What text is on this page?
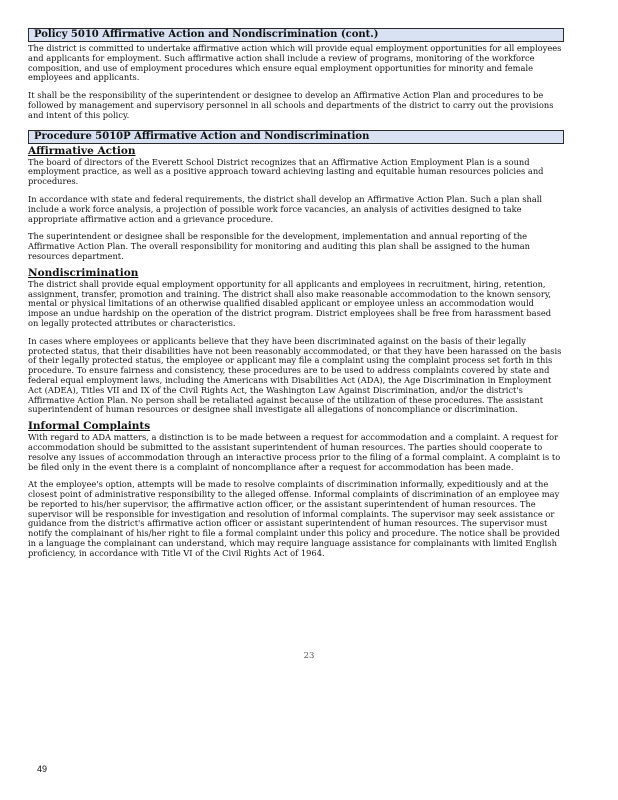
Policy 5010 Affirmative Action and Nondiscrimination (cont.)

The district is committed to undertake affirmative action which will provide equal employment opportunities for all employees and applicants for employment. Such affirmative action shall include a review of programs, monitoring of the workforce composition, and use of employment procedures which ensure equal employment opportunities for minority and female employees and applicants.

It shall be the responsibility of the superintendent or designee to develop an Affirmative Action Plan and procedures to be followed by management and supervisory personnel in all schools and departments of the district to carry out the provisions and intent of this policy.

Procedure 5010P Affirmative Action and Nondiscrimination

Affirmative Action

The board of directors of the Everett School District recognizes that an Affirmative Action Employment Plan is a sound employment practice, as well as a positive approach toward achieving lasting and equitable human resources policies and procedures.

In accordance with state and federal requirements, the district shall develop an Affirmative Action Plan. Such a plan shall include a work force analysis, a projection of possible work force vacancies, an analysis of activities designed to take appropriate affirmative action and a grievance procedure.

The superintendent or designee shall be responsible for the development, implementation and annual reporting of the Affirmative Action Plan. The overall responsibility for monitoring and auditing this plan shall be assigned to the human resources department.

Nondiscrimination

The district shall provide equal employment opportunity for all applicants and employees in recruitment, hiring, retention, assignment, transfer, promotion and training. The district shall also make reasonable accommodation to the known sensory, mental or physical limitations of an otherwise qualified disabled applicant or employee unless an accommodation would impose an undue hardship on the operation of the district program. District employees shall be free from harassment based on legally protected attributes or characteristics.

In cases where employees or applicants believe that they have been discriminated against on the basis of their legally protected status, that their disabilities have not been reasonably accommodated, or that they have been harassed on the basis of their legally protected status, the employee or applicant may file a complaint using the complaint process set forth in this procedure. To ensure fairness and consistency, these procedures are to be used to address complaints covered by state and federal equal employment laws, including the Americans with Disabilities Act (ADA), the Age Discrimination in Employment Act (ADEA), Titles VII and IX of the Civil Rights Act, the Washington Law Against Discrimination, and/or the district's Affirmative Action Plan. No person shall be retaliated against because of the utilization of these procedures. The assistant superintendent of human resources or designee shall investigate all allegations of noncompliance or discrimination.

Informal Complaints

With regard to ADA matters, a distinction is to be made between a request for accommodation and a complaint. A request for accommodation should be submitted to the assistant superintendent of human resources. The parties should cooperate to resolve any issues of accommodation through an interactive process prior to the filing of a formal complaint. A complaint is to be filed only in the event there is a complaint of noncompliance after a request for accommodation has been made.

At the employee's option, attempts will be made to resolve complaints of discrimination informally, expeditiously and at the closest point of administrative responsibility to the alleged offense. Informal complaints of discrimination of an employee may be reported to his/her supervisor, the affirmative action officer, or the assistant superintendent of human resources. The supervisor will be responsible for investigation and resolution of informal complaints. The supervisor may seek assistance or guidance from the district's affirmative action officer or assistant superintendent of human resources. The supervisor must notify the complainant of his/her right to file a formal complaint under this policy and procedure. The notice shall be provided in a language the complainant can understand, which may require language assistance for complainants with limited English proficiency, in accordance with Title VI of the Civil Rights Act of 1964.

23
49
